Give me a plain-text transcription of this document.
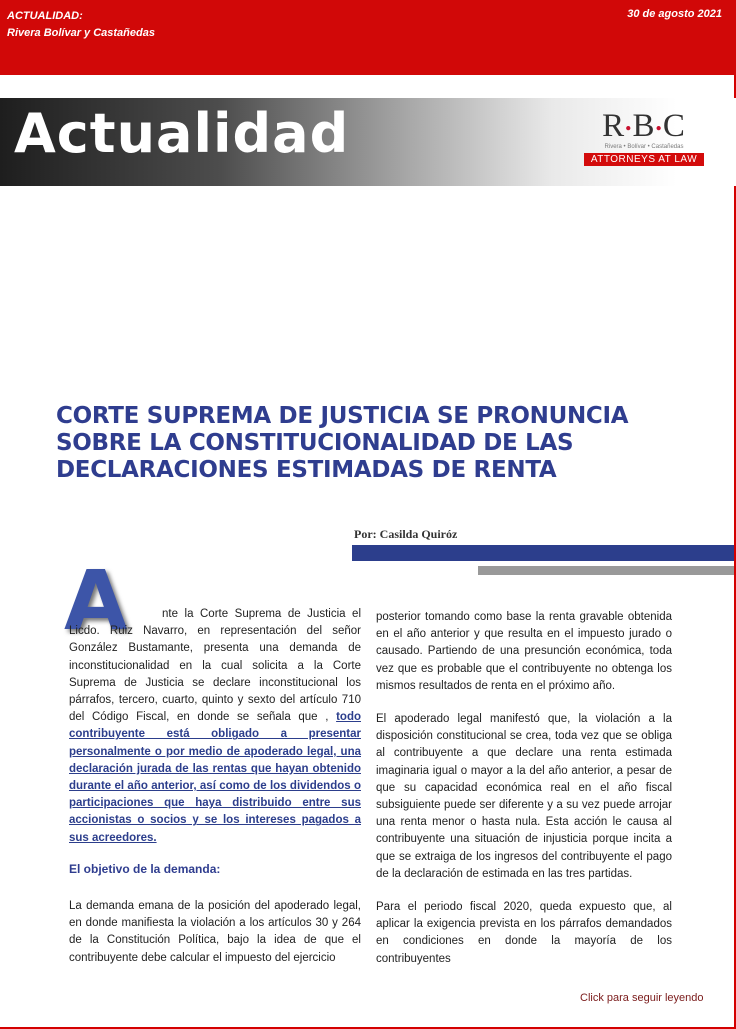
ACTUALIDAD:
Rivera Bolívar y Castañedas
30 de agosto 2021
Actualidad	R•B•C
Rivera • Bolívar • Castañedas
ATTORNEYS AT LAW
CORTE SUPREMA DE JUSTICIA SE PRONUNCIA SOBRE LA CONSTITUCIONALIDAD DE LAS DECLARACIONES ESTIMADAS DE RENTA
Por: Casilda Quiróz
A	nte la Corte Suprema de Justicia el Licdo. Ruiz Navarro, en representación del señor González Bustamante, presenta una demanda de inconstitucionalidad en la cual solicita a la Corte Suprema de Justicia se declare inconstitucional los párrafos, tercero, cuarto, quinto y sexto del artículo 710 del Código Fiscal, en donde se señala que , todo contribuyente está obligado a presentar personalmente o por medio de apoderado legal, una declaración jurada de las rentas que hayan obtenido durante el año anterior, así como de los dividendos o participaciones que haya distribuido entre sus accionistas o socios y se los intereses pagados a sus acreedores.

El objetivo de la demanda:

La demanda emana de la posición del apoderado legal, en donde manifiesta la violación a los artículos 30 y 264 de la Constitución Política, bajo la idea de que el contribuyente debe calcular el impuesto del ejercicio

posterior tomando como base la renta gravable obtenida en el año anterior y que resulta en el impuesto jurado o causado. Partiendo de una presunción económica, toda vez que es probable que el contribuyente no obtenga los mismos resultados de renta en el próximo año.

El apoderado legal manifestó que, la violación a la disposición constitucional se crea, toda vez que se obliga al contribuyente a que declare una renta estimada imaginaria igual o mayor a la del año anterior, a pesar de que su capacidad económica real en el año fiscal subsiguiente puede ser diferente y a su vez puede arrojar una renta menor o hasta nula. Esta acción le causa al contribuyente una situación de injusticia porque incita a que se extraiga de los ingresos del contribuyente el pago de la declaración de estimada en las tres partidas.

Para el periodo fiscal 2020, queda expuesto que, al aplicar la exigencia prevista en los párrafos demandados en condiciones en donde la mayoría de los contribuyentes

Click para seguir leyendo
